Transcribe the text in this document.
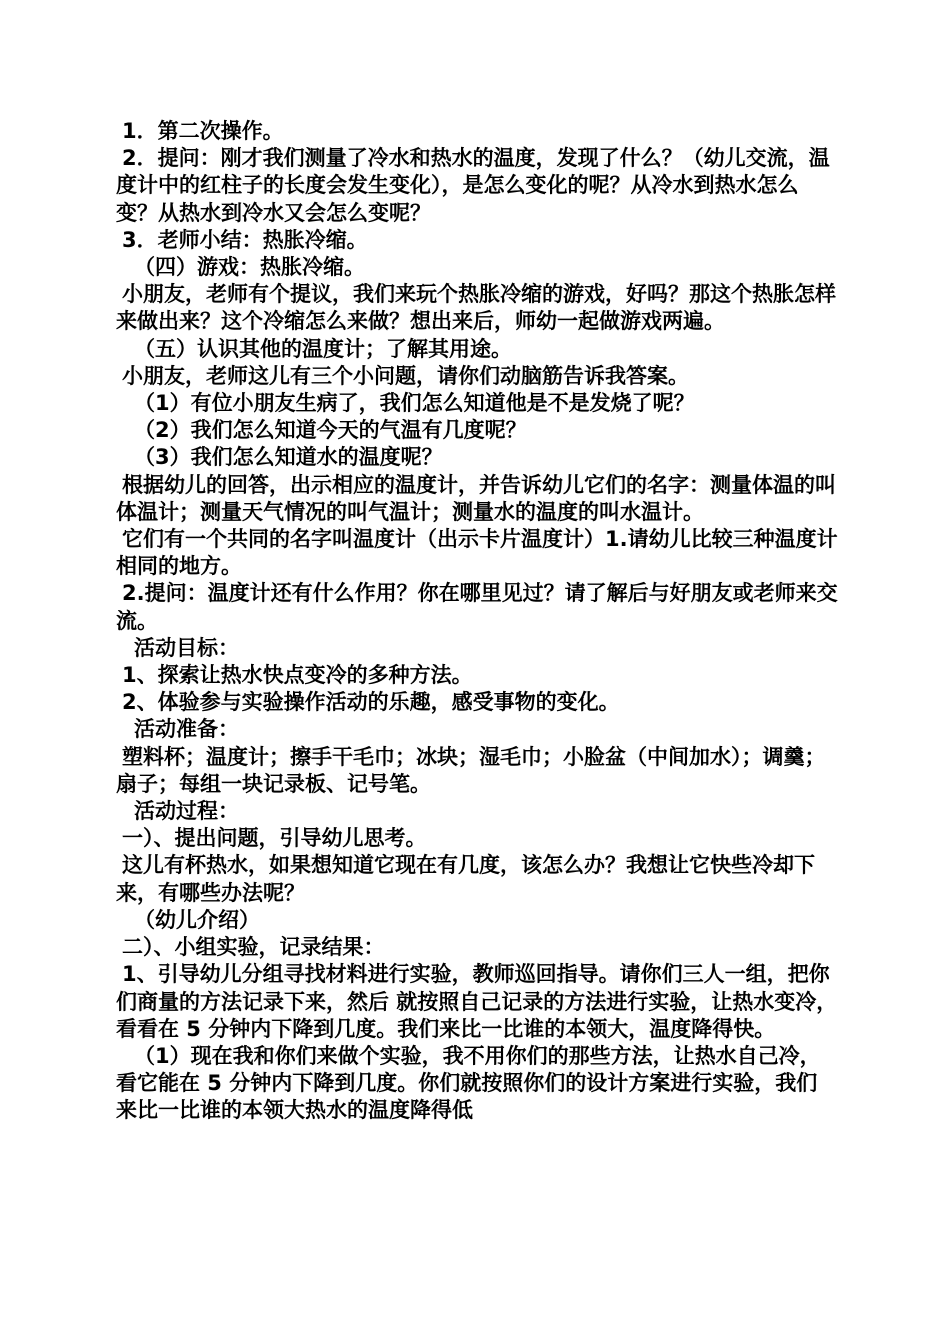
1．第二次操作。

2．提问：刚才我们测量了冷水和热水的温度，发现了什么？（幼儿交流，温度计中的红柱子的长度会发生变化），是怎么变化的呢？从冷水到热水怎么变？从热水到冷水又会怎么变呢？

3．老师小结：热胀冷缩。

（四）游戏：热胀冷缩。

小朋友，老师有个提议，我们来玩个热胀冷缩的游戏，好吗？那这个热胀怎样来做出来？这个冷缩怎么来做？想出来后，师幼一起做游戏两遍。

（五）认识其他的温度计；了解其用途。

小朋友，老师这儿有三个小问题，请你们动脑筋告诉我答案。

（1）有位小朋友生病了，我们怎么知道他是不是发烧了呢？

（2）我们怎么知道今天的气温有几度呢？

（3）我们怎么知道水的温度呢？

根据幼儿的回答，出示相应的温度计，并告诉幼儿它们的名字：测量体温的叫体温计；测量天气情况的叫气温计；测量水的温度的叫水温计。

它们有一个共同的名字叫温度计（出示卡片温度计）1.请幼儿比较三种温度计相同的地方。

2.提问：温度计还有什么作用？你在哪里见过？请了解后与好朋友或老师来交流。

活动目标：

1、探索让热水快点变冷的多种方法。

2、体验参与实验操作活动的乐趣，感受事物的变化。

活动准备：

塑料杯；温度计；擦手干毛巾；冰块；湿毛巾；小脸盆（中间加水）；调羹；扇子；每组一块记录板、记号笔。

活动过程：

一）、提出问题，引导幼儿思考。

这儿有杯热水，如果想知道它现在有几度，该怎么办？我想让它快些冷却下来，有哪些办法呢？

（幼儿介绍）

二）、小组实验，记录结果：

1、引导幼儿分组寻找材料进行实验，教师巡回指导。请你们三人一组，把你们商量的方法记录下来，然后 就按照自己记录的方法进行实验，让热水变冷，看看在 5 分钟内下降到几度。我们来比一比谁的本领大，温度降得快。

（1）现在我和你们来做个实验，我不用你们的那些方法，让热水自己冷，看它能在 5 分钟内下降到几度。你们就按照你们的设计方案进行实验，我们来比一比谁的本领大热水的温度降得低
